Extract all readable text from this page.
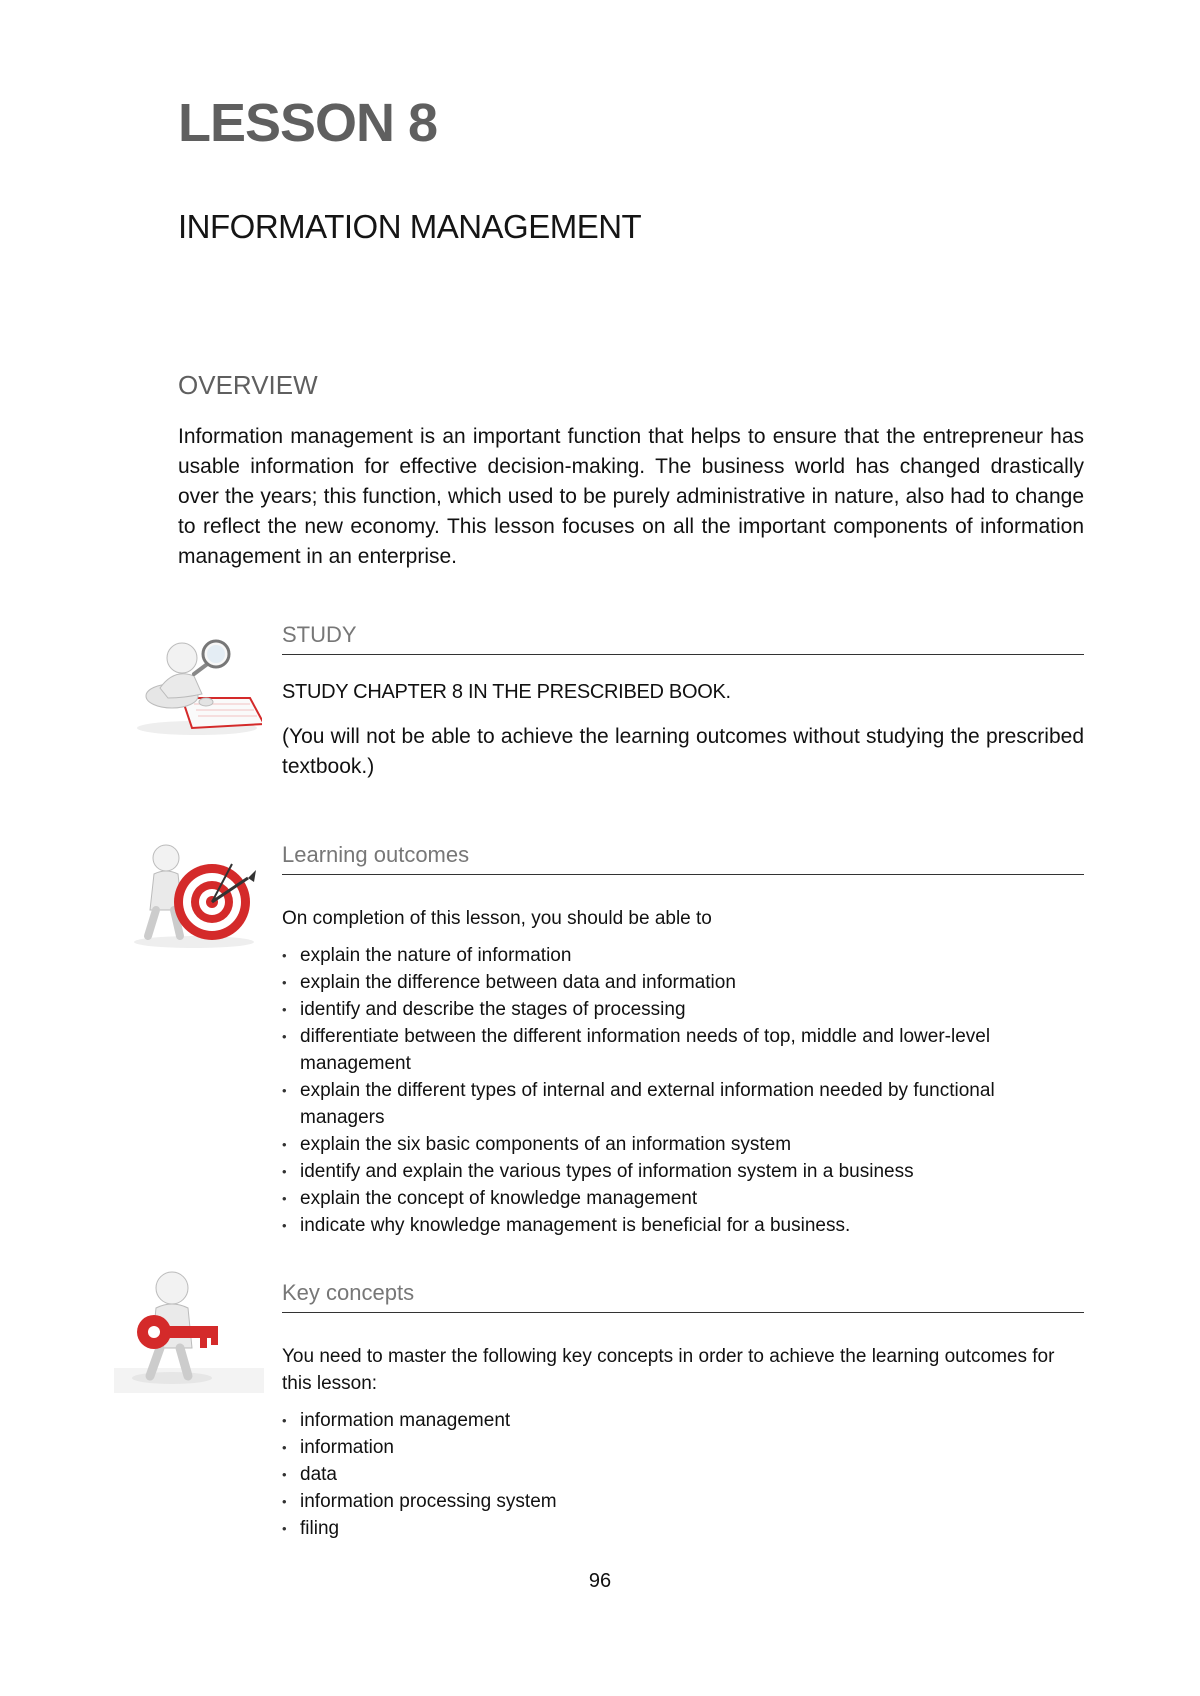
LESSON 8
INFORMATION MANAGEMENT
OVERVIEW

Information management is an important function that helps to ensure that the entrepreneur has usable information for effective decision-making. The business world has changed drastically over the years; this function, which used to be purely administrative in nature, also had to change to reflect the new economy. This lesson focuses on all the important components of information management in an enterprise.

STUDY

STUDY CHAPTER 8 IN THE PRESCRIBED BOOK.

(You will not be able to achieve the learning outcomes without studying the prescribed textbook.)

Learning outcomes

On completion of this lesson, you should be able to

• explain the nature of information
• explain the difference between data and information
• identify and describe the stages of processing
• differentiate between the different information needs of top, middle and lower-level management
• explain the different types of internal and external information needed by functional managers
• explain the six basic components of an information system
• identify and explain the various types of information system in a business
• explain the concept of knowledge management
• indicate why knowledge management is beneficial for a business.
Key concepts

You need to master the following key concepts in order to achieve the learning outcomes for this lesson:

• information management
• information
• data
• information processing system
• filing
96
